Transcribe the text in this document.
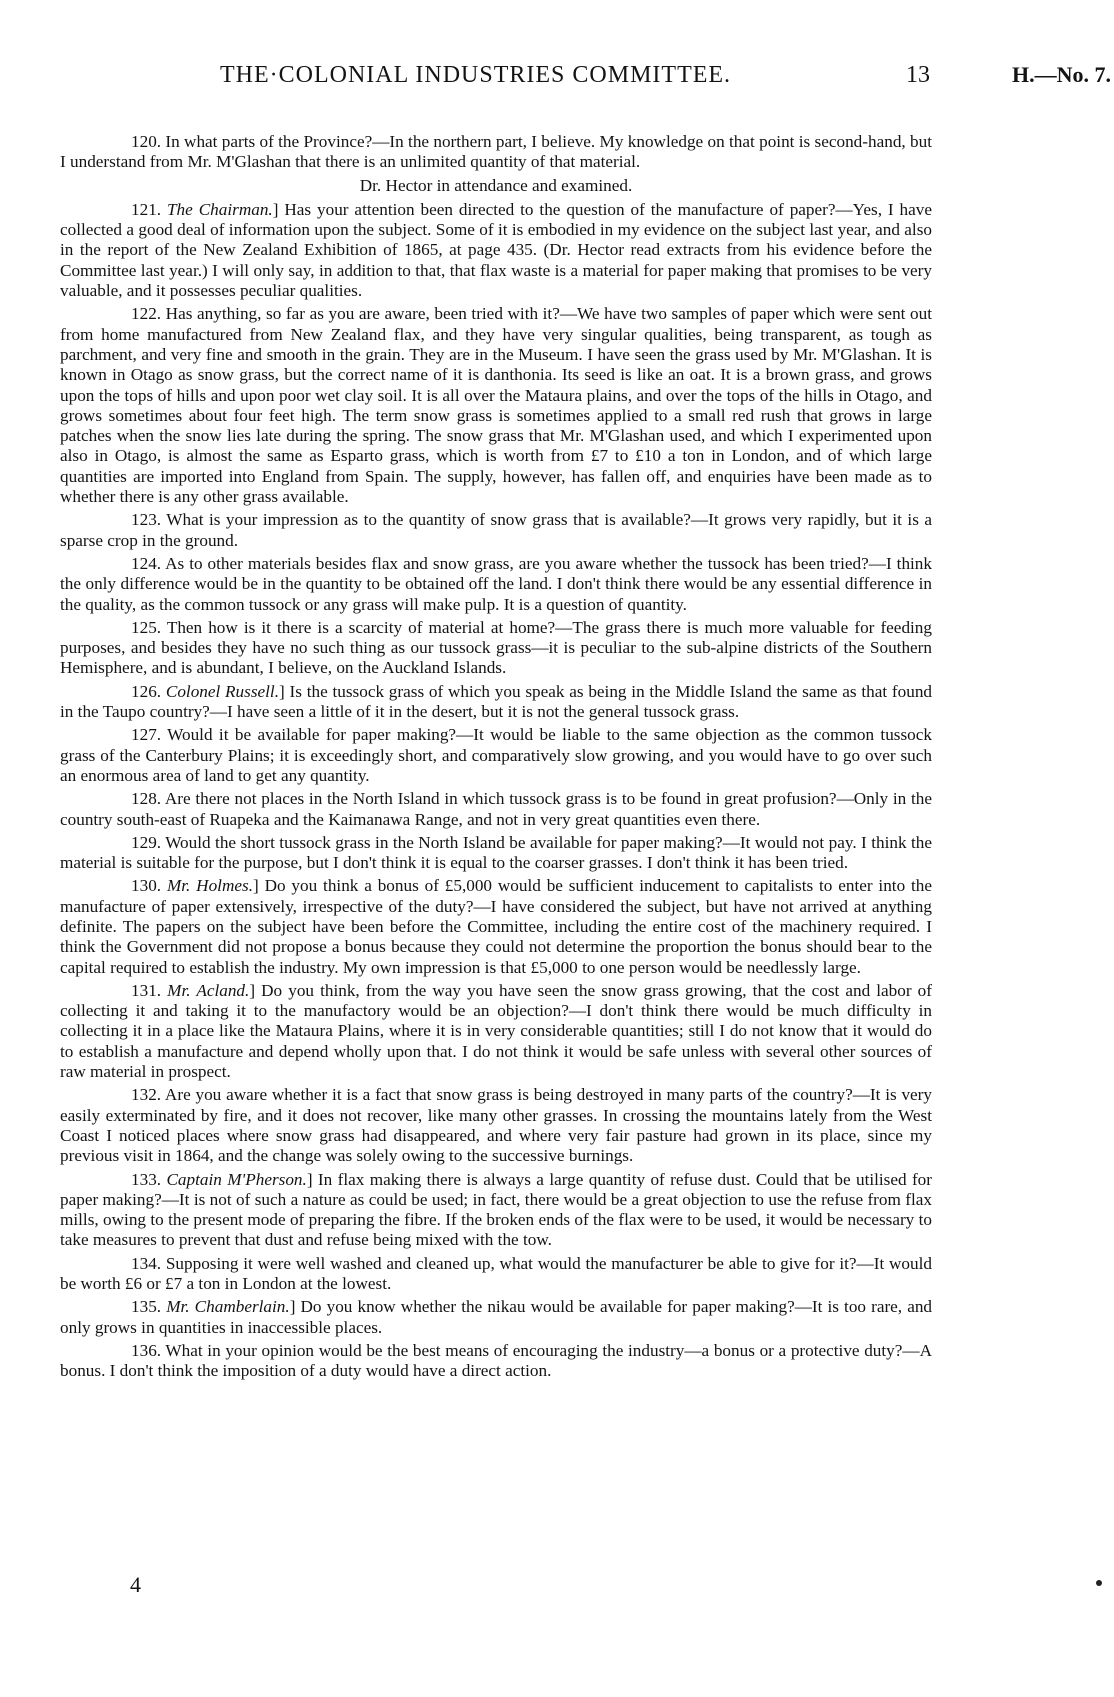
THE·COLONIAL INDUSTRIES COMMITTEE.	13	H.—No. 7.

120. In what parts of the Province?—In the northern part, I believe. My knowledge on that point is second-hand, but I understand from Mr. M'Glashan that there is an unlimited quantity of that material.

Dr. Hector in attendance and examined.

121. The Chairman.] Has your attention been directed to the question of the manufacture of paper?—Yes, I have collected a good deal of information upon the subject. Some of it is embodied in my evidence on the subject last year, and also in the report of the New Zealand Exhibition of 1865, at page 435. (Dr. Hector read extracts from his evidence before the Committee last year.) I will only say, in addition to that, that flax waste is a material for paper making that promises to be very valuable, and it possesses peculiar qualities.

122. Has anything, so far as you are aware, been tried with it?—We have two samples of paper which were sent out from home manufactured from New Zealand flax, and they have very singular qualities, being transparent, as tough as parchment, and very fine and smooth in the grain. They are in the Museum. I have seen the grass used by Mr. M'Glashan. It is known in Otago as snow grass, but the correct name of it is danthonia. Its seed is like an oat. It is a brown grass, and grows upon the tops of hills and upon poor wet clay soil. It is all over the Mataura plains, and over the tops of the hills in Otago, and grows sometimes about four feet high. The term snow grass is sometimes applied to a small red rush that grows in large patches when the snow lies late during the spring. The snow grass that Mr. M'Glashan used, and which I experimented upon also in Otago, is almost the same as Esparto grass, which is worth from £7 to £10 a ton in London, and of which large quantities are imported into England from Spain. The supply, however, has fallen off, and enquiries have been made as to whether there is any other grass available.

123. What is your impression as to the quantity of snow grass that is available?—It grows very rapidly, but it is a sparse crop in the ground.

124. As to other materials besides flax and snow grass, are you aware whether the tussock has been tried?—I think the only difference would be in the quantity to be obtained off the land. I don't think there would be any essential difference in the quality, as the common tussock or any grass will make pulp. It is a question of quantity.

125. Then how is it there is a scarcity of material at home?—The grass there is much more valuable for feeding purposes, and besides they have no such thing as our tussock grass—it is peculiar to the sub-alpine districts of the Southern Hemisphere, and is abundant, I believe, on the Auckland Islands.

126. Colonel Russell.] Is the tussock grass of which you speak as being in the Middle Island the same as that found in the Taupo country?—I have seen a little of it in the desert, but it is not the general tussock grass.

127. Would it be available for paper making?—It would be liable to the same objection as the common tussock grass of the Canterbury Plains; it is exceedingly short, and comparatively slow growing, and you would have to go over such an enormous area of land to get any quantity.

128. Are there not places in the North Island in which tussock grass is to be found in great profusion?—Only in the country south-east of Ruapeka and the Kaimanawa Range, and not in very great quantities even there.

129. Would the short tussock grass in the North Island be available for paper making?—It would not pay. I think the material is suitable for the purpose, but I don't think it is equal to the coarser grasses. I don't think it has been tried.

130. Mr. Holmes.] Do you think a bonus of £5,000 would be sufficient inducement to capitalists to enter into the manufacture of paper extensively, irrespective of the duty?—I have considered the subject, but have not arrived at anything definite. The papers on the subject have been before the Committee, including the entire cost of the machinery required. I think the Government did not propose a bonus because they could not determine the proportion the bonus should bear to the capital required to establish the industry. My own impression is that £5,000 to one person would be needlessly large.

131. Mr. Acland.] Do you think, from the way you have seen the snow grass growing, that the cost and labor of collecting it and taking it to the manufactory would be an objection?—I don't think there would be much difficulty in collecting it in a place like the Mataura Plains, where it is in very considerable quantities; still I do not know that it would do to establish a manufacture and depend wholly upon that. I do not think it would be safe unless with several other sources of raw material in prospect.

132. Are you aware whether it is a fact that snow grass is being destroyed in many parts of the country?—It is very easily exterminated by fire, and it does not recover, like many other grasses. In crossing the mountains lately from the West Coast I noticed places where snow grass had disappeared, and where very fair pasture had grown in its place, since my previous visit in 1864, and the change was solely owing to the successive burnings.

133. Captain M'Pherson.] In flax making there is always a large quantity of refuse dust. Could that be utilised for paper making?—It is not of such a nature as could be used; in fact, there would be a great objection to use the refuse from flax mills, owing to the present mode of preparing the fibre. If the broken ends of the flax were to be used, it would be necessary to take measures to prevent that dust and refuse being mixed with the tow.

134. Supposing it were well washed and cleaned up, what would the manufacturer be able to give for it?—It would be worth £6 or £7 a ton in London at the lowest.

135. Mr. Chamberlain.] Do you know whether the nikau would be available for paper making?—It is too rare, and only grows in quantities in inaccessible places.

136. What in your opinion would be the best means of encouraging the industry—a bonus or a protective duty?—A bonus. I don't think the imposition of a duty would have a direct action.

4
